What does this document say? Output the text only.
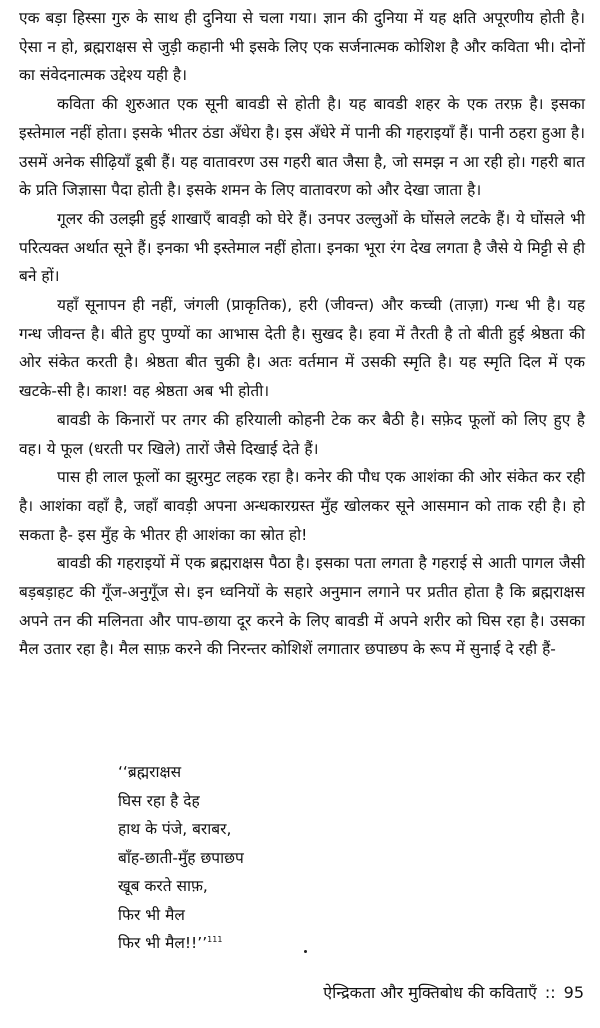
एक बड़ा हिस्सा गुरु के साथ ही दुनिया से चला गया। ज्ञान की दुनिया में यह क्षति अपूरणीय होती है। ऐसा न हो, ब्रह्मराक्षस से जुड़ी कहानी भी इसके लिए एक सर्जनात्मक कोशिश है और कविता भी। दोनों का संवेदनात्मक उद्देश्य यही है।

कविता की शुरुआत एक सूनी बावडी से होती है। यह बावडी शहर के एक तरफ़ है। इसका इस्तेमाल नहीं होता। इसके भीतर ठंडा अँधेरा है। इस अँधेरे में पानी की गहराइयाँ हैं। पानी ठहरा हुआ है। उसमें अनेक सीढ़ियाँ डूबी हैं। यह वातावरण उस गहरी बात जैसा है, जो समझ न आ रही हो। गहरी बात के प्रति जिज्ञासा पैदा होती है। इसके शमन के लिए वातावरण को और देखा जाता है।

गूलर की उलझी हुई शाखाएँ बावड़ी को घेरे हैं। उनपर उल्लुओं के घोंसले लटके हैं। ये घोंसले भी परित्यक्त अर्थात सूने हैं। इनका भी इस्तेमाल नहीं होता। इनका भूरा रंग देख लगता है जैसे ये मिट्टी से ही बने हों।

यहाँ सूनापन ही नहीं, जंगली (प्राकृतिक), हरी (जीवन्त) और कच्ची (ताज़ा) गन्ध भी है। यह गन्ध जीवन्त है। बीते हुए पुण्यों का आभास देती है। सुखद है। हवा में तैरती है तो बीती हुई श्रेष्ठता की ओर संकेत करती है। श्रेष्ठता बीत चुकी है। अतः वर्तमान में उसकी स्मृति है। यह स्मृति दिल में एक खटके-सी है। काश! वह श्रेष्ठता अब भी होती।

बावडी के किनारों पर तगर की हरियाली कोहनी टेक कर बैठी है। सफ़ेद फूलों को लिए हुए है वह। ये फूल (धरती पर खिले) तारों जैसे दिखाई देते हैं।

पास ही लाल फूलों का झुरमुट लहक रहा है। कनेर की पौध एक आशंका की ओर संकेत कर रही है। आशंका वहाँ है, जहाँ बावड़ी अपना अन्धकारग्रस्त मुँह खोलकर सूने आसमान को ताक रही है। हो सकता है- इस मुँह के भीतर ही आशंका का स्रोत हो!

बावडी की गहराइयों में एक ब्रह्मराक्षस पैठा है। इसका पता लगता है गहराई से आती पागल जैसी बड़बड़ाहट की गूँज-अनुगूँज से। इन ध्वनियों के सहारे अनुमान लगाने पर प्रतीत होता है कि ब्रह्मराक्षस अपने तन की मलिनता और पाप-छाया दूर करने के लिए बावडी में अपने शरीर को घिस रहा है। उसका मैल उतार रहा है। मैल साफ़ करने की निरन्तर कोशिशें लगातार छपाछप के रूप में सुनाई दे रही हैं-

‘‘ब्रह्मराक्षस
घिस रहा है देह
हाथ के पंजे, बराबर,
बाँह-छाती-मुँह छपाछप
खूब करते साफ़,
फिर भी मैल
फिर भी मैल!!’’$^{111}$
ऐन्द्रिकता और मुक्तिबोध की कविताएँ :: 95
